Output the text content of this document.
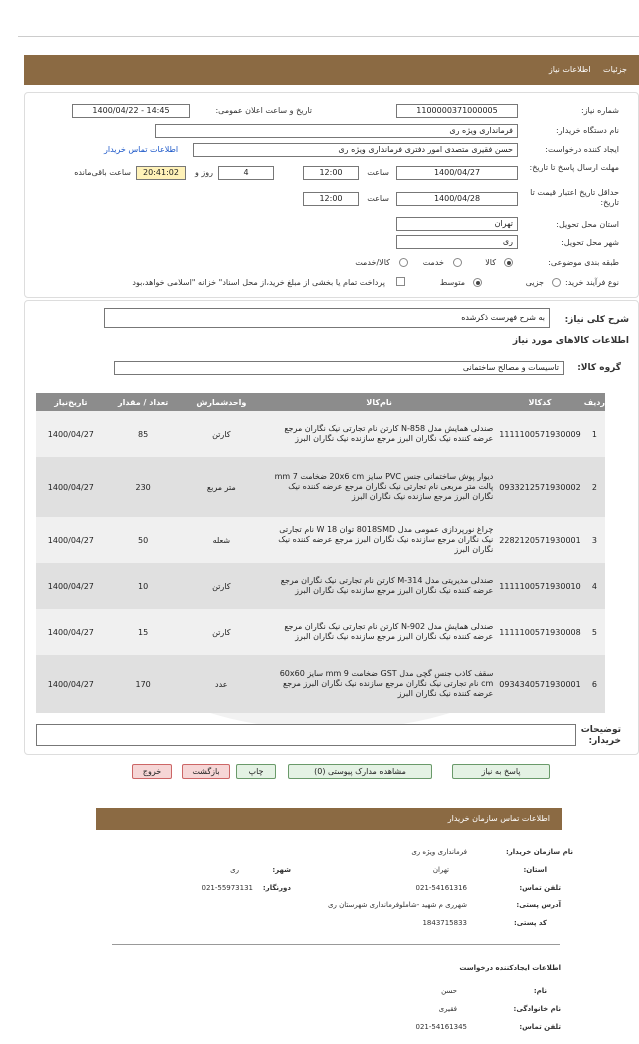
جزئیات اطلاعات نیاز
شماره نیاز:
1100000371000005
تاریخ و ساعت اعلان عمومی:
1400/04/22 - 14:45
نام دستگاه خریدار:
فرمانداری ویژه ری
ایجاد کننده درخواست:
حسن فقیری متصدی امور دفتری فرمانداری ویژه ری
اطلاعات تماس خریدار
مهلت ارسال پاسخ تا تاریخ:
1400/04/27
ساعت
12:00
4
روز و
20:41:02
ساعت باقی‌مانده
حداقل تاریخ اعتبار قیمت تا تاریخ:
1400/04/28
ساعت
12:00
استان محل تحویل:
تهران
شهر محل تحویل:
ری
طبقه بندی موضوعی:
کالا
خدمت
کالا/خدمت
نوع فرآیند خرید:
جزیی
متوسط
پرداخت تمام یا بخشی از مبلغ خرید،از محل اسناد" خزانه "اسلامی خواهد،بود
شرح کلی نیاز:
به شرح فهرست ذکرشده
اطلاعات کالاهای مورد نیاز
گروه کالا:
تاسیسات و مصالح ساختمانی
تاریخ‌نیاز	تعداد / مقدار	واحدشمارش	نام‌کالا	کدکالا	ردیف
1400/04/27	85	کارتن	صندلی همایش مدل N-858 کارتن نام تجارتی نیک نگاران مرجع عرضه کننده نیک نگاران البرز مرجع سازنده نیک نگاران البرز	1111100571930009	1
1400/04/27	230	متر مربع	دیوار پوش ساختمانی جنس PVC سایز 20x6 cm ضخامت 7 mm پالت متر مربعی نام تجارتی نیک نگاران مرجع عرضه کننده نیک نگاران البرز مرجع سازنده نیک نگاران البرز	0933212571930002	2
1400/04/27	50	شعله	چراغ نورپردازی عمومی مدل 8018SMD توان 18 W نام تجارتی نیک نگاران مرجع سازنده نیک نگاران البرز مرجع عرضه کننده نیک نگاران البرز	2282120571930001	3
1400/04/27	10	کارتن	صندلی مدیریتی مدل M-314 کارتن نام تجارتی نیک نگاران مرجع عرضه کننده نیک نگاران البرز مرجع سازنده نیک نگاران البرز	1111100571930010	4
1400/04/27	15	کارتن	صندلی همایش مدل N-902 کارتن نام تجارتی نیک نگاران مرجع عرضه کننده نیک نگاران البرز مرجع سازنده نیک نگاران البرز	1111100571930008	5
1400/04/27	170	عدد	سقف کاذب جنس گچی مدل GST ضخامت 9 mm سایز 60x60 cm نام تجارتی نیک نگاران مرجع سازنده نیک نگاران البرز مرجع عرضه کننده نیک نگاران البرز	0934340571930001	6
توضیحات خریدار:
پاسخ به نیاز
مشاهده مدارک پیوستی (0)
چاپ
بازگشت
خروج
اطلاعات تماس سازمان خریدار
نام سازمان خریدار:
فرمانداری ویژه ری
استان:
تهران
شهر:
ری
تلفن تماس:
021-54161316
دورنگار:
021-55973131
آدرس پستی:
شهرری م شهید -شاملوفرمانداری شهرستان ری
کد پستی:
1843715833
اطلاعات ایجادکننده درخواست
نام:
حسن
نام خانوادگی:
فقیری
تلفن تماس:
021-54161345
